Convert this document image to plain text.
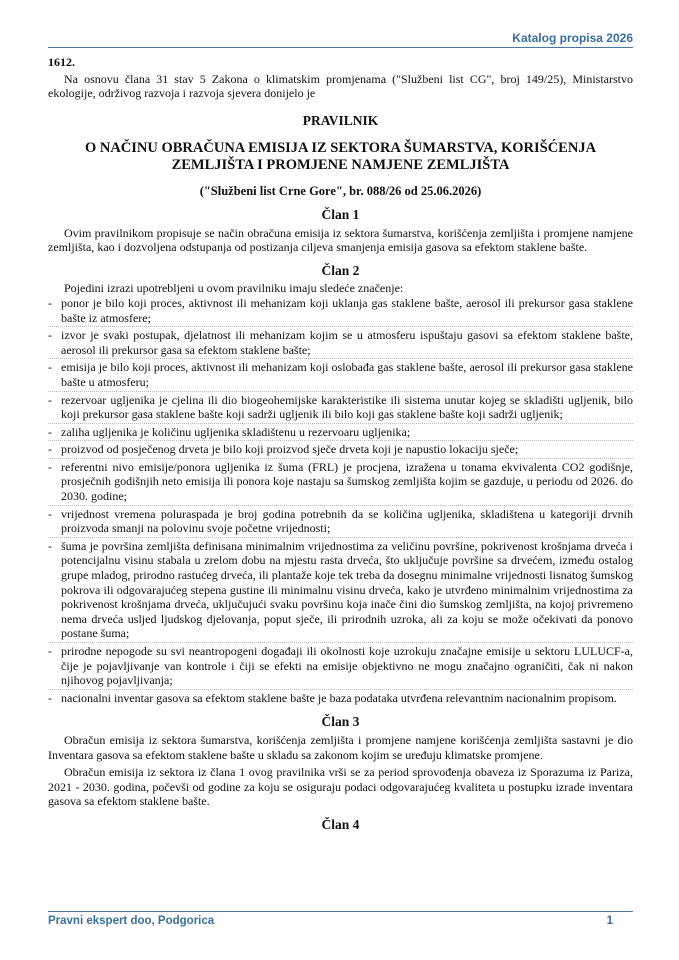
Katalog propisa 2026
1612.

Na osnovu člana 31 stav 5 Zakona o klimatskim promjenama ("Službeni list CG", broj 149/25), Ministarstvo ekologije, održivog razvoja i razvoja sjevera donijelo je

PRAVILNIK
O NAČINU OBRAČUNA EMISIJA IZ SEKTORA ŠUMARSTVA, KORIŠĆENJA ZEMLJIŠTA I PROMJENE NAMJENE ZEMLJIŠTA
("Službeni list Crne Gore", br. 088/26 od 25.06.2026)
Član 1

Ovim pravilnikom propisuje se način obračuna emisija iz sektora šumarstva, korišćenja zemljišta i promjene namjene zemljišta, kao i dozvoljena odstupanja od postizanja ciljeva smanjenja emisija gasova sa efektom staklene bašte.

Član 2

Pojedini izrazi upotrebljeni u ovom pravilniku imaju sledeće značenje:

- ponor je bilo koji proces, aktivnost ili mehanizam koji uklanja gas staklene bašte, aerosol ili prekursor gasa staklene bašte iz atmosfere;
- izvor je svaki postupak, djelatnost ili mehanizam kojim se u atmosferu ispuštaju gasovi sa efektom staklene bašte, aerosol ili prekursor gasa sa efektom staklene bašte;
- emisija je bilo koji proces, aktivnost ili mehanizam koji oslobađa gas staklene bašte, aerosol ili prekursor gasa staklene bašte u atmosferu;
- rezervoar ugljenika je cjelina ili dio biogeohemijske karakteristike ili sistema unutar kojeg se skladišti ugljenik, bilo koji prekursor gasa staklene bašte koji sadrži ugljenik ili bilo koji gas staklene bašte koji sadrži ugljenik;
- zaliha ugljenika je količinu ugljenika skladištenu u rezervoaru ugljenika;
- proizvod od posječenog drveta je bilo koji proizvod sječe drveta koji je napustio lokaciju sječe;
- referentni nivo emisije/ponora ugljenika iz šuma (FRL) je procjena, izražena u tonama ekvivalenta CO2 godišnje, prosječnih godišnjih neto emisija ili ponora koje nastaju sa šumskog zemljišta kojim se gazduje, u periodu od 2026. do 2030. godine;
- vrijednost vremena poluraspada je broj godina potrebnih da se količina ugljenika, skladištena u kategoriji drvnih proizvoda smanji na polovinu svoje početne vrijednosti;
- šuma je površina zemljišta definisana minimalnim vrijednostima za veličinu površine, pokrivenost krošnjama drveća i potencijalnu visinu stabala u zrelom dobu na mjestu rasta drveća, što uključuje površine sa drvećem, između ostalog grupe mladog, prirodno rastućeg drveća, ili plantaže koje tek treba da dosegnu minimalne vrijednosti lisnatog šumskog pokrova ili odgovarajućeg stepena gustine ili minimalnu visinu drveća, kako je utvrđeno minimalnim vrijednostima za pokrivenost krošnjama drveća, uključujući svaku površinu koja inače čini dio šumskog zemljišta, na kojoj privremeno nema drveća usljed ljudskog djelovanja, poput sječe, ili prirodnih uzroka, ali za koju se može očekivati da ponovo postane šuma;
- prirodne nepogode su svi neantropogeni događaji ili okolnosti koje uzrokuju značajne emisije u sektoru LULUCF-a, čije je pojavljivanje van kontrole i čiji se efekti na emisije objektivno ne mogu značajno ograničiti, čak ni nakon njihovog pojavljivanja;
- nacionalni inventar gasova sa efektom staklene bašte je baza podataka utvrđena relevantnim nacionalnim propisom.
Član 3

Obračun emisija iz sektora šumarstva, korišćenja zemljišta i promjene namjene korišćenja zemljišta sastavni je dio Inventara gasova sa efektom staklene bašte u skladu sa zakonom kojim se uređuju klimatske promjene.

Obračun emisija iz sektora iz člana 1 ovog pravilnika vrši se za period sprovođenja obaveza iz Sporazuma iz Pariza, 2021 - 2030. godina, počevši od godine za koju se osiguraju podaci odgovarajućeg kvaliteta u postupku izrade inventara gasova sa efektom staklene bašte.

Član 4
Pravni ekspert doo, Podgorica	1
